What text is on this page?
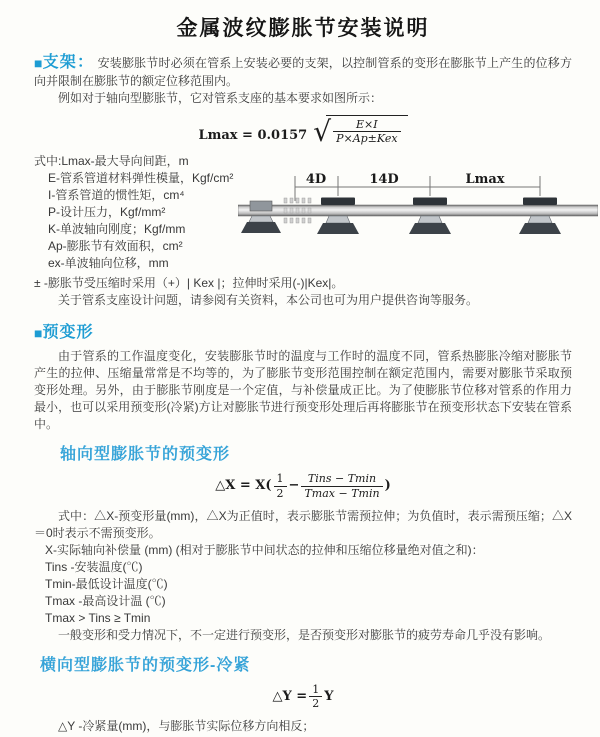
金属波纹膨胀节安装说明

■支架： 安装膨胀节时必须在管系上安装必要的支架，以控制管系的变形在膨胀节上产生的位移方向并限制在膨胀节的额定位移范围内。

例如对于轴向型膨胀节，它对管系支座的基本要求如图所示：

Lmax = 0.0157 √ $\frac{E\times I}{\text{P×Ap±Kex}}$
式中:Lmax-最大导向间距，m
E-管系管道材料弹性模量，Kgf/cm²
I-管系管道的惯性矩，cm⁴
P-设计压力，Kgf/mm²
K-单波轴向刚度；Kgf/mm
Ap-膨胀节有效面积，cm²
ex-单波轴向位移，mm
4D	14D	Lmax

± -膨胀节受压缩时采用（+）| Kex |；拉伸时采用(-)|Kex|。

关于管系支座设计问题，请参阅有关资料，本公司也可为用户提供咨询等服务。

■预变形

由于管系的工作温度变化，安装膨胀节时的温度与工作时的温度不同，管系热膨胀冷缩对膨胀节产生的拉伸、压缩量常常是不均等的，为了膨胀节变形范围控制在额定范围内，需要对膨胀节采取预变形处理。另外，由于膨胀节刚度是一个定值，与补偿量成正比。为了使膨胀节位移对管系的作用力最小，也可以采用预变形(冷紧)方让对膨胀节进行预变形处理后再将膨胀节在预变形状态下安装在管系中。

轴向型膨胀节的预变形
△X = $X( \frac{1}{2} - \frac{\text{Tins − Tmin}}{Tmax - Tmin}$ )

式中：△X-预变形量(mm)，△X为正值时，表示膨胀节需预拉伸；为负值时，表示需预压缩；△X＝0时表示不需预变形。

X-实际轴向补偿量 (mm) (相对于膨胀节中间状态的拉伸和压缩位移量绝对值之和)：

Tins -安装温度(℃)
Tmin-最低设计温度(℃)
Tmax -最高设计温 (℃)
Tmax > Tins ≥ Tmin

一般变形和受力情况下，不一定进行预变形，是否预变形对膨胀节的疲劳寿命几乎没有影响。

横向型膨胀节的预变形-冷紧
△Y = $\frac{1}{2}$ Y

△Y -冷紧量(mm)，与膨胀节实际位移方向相反；
